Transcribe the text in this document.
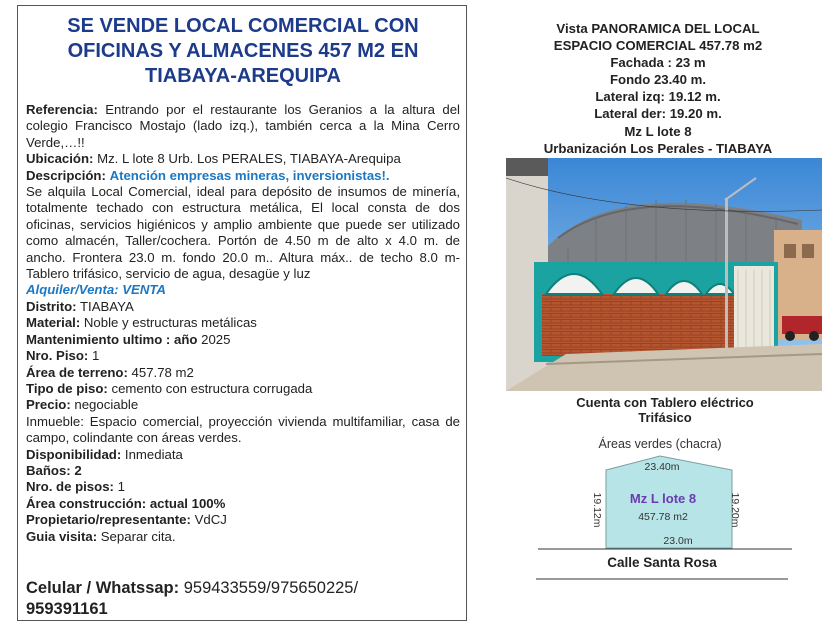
SE VENDE LOCAL COMERCIAL CON
OFICINAS Y ALMACENES 457 M2 EN
TIABAYA-AREQUIPA

Referencia: Entrando por el restaurante los Geranios a la altura del colegio Francisco Mostajo (lado izq.), también cerca a la Mina Cerro Verde,…!!

Ubicación: Mz. L lote 8 Urb. Los PERALES, TIABAYA-Arequipa

Descripción: Atención empresas mineras, inversionistas!.

Se alquila Local Comercial, ideal para depósito de insumos de minería, totalmente techado con estructura metálica, El local consta de dos oficinas, servicios higiénicos y amplio ambiente que puede ser utilizado como almacén, Taller/cochera. Portón de 4.50 m de alto x 4.0 m. de ancho. Frontera 23.0 m. fondo 20.0 m.. Altura máx.. de techo 8.0 m- Tablero trifásico, servicio de agua, desagüe y luz

Alquiler/Venta: VENTA

Distrito: TIABAYA

Material: Noble y estructuras metálicas

Mantenimiento ultimo : año 2025

Nro. Piso: 1

Área de terreno: 457.78 m2

Tipo de piso: cemento con estructura corrugada

Precio: negociable

Inmueble: Espacio comercial, proyección vivienda multifamiliar, casa de campo, colindante con áreas verdes.

Disponibilidad: Inmediata

Baños: 2

Nro. de pisos: 1

Área construcción: actual 100%

Propietario/representante: VdCJ

Guia visita: Separar cita.

Celular / Whatssap: 959433559/975650225/
959391161
Vista PANORAMICA DEL LOCAL
ESPACIO COMERCIAL 457.78 m2
Fachada : 23 m
Fondo 23.40 m.
Lateral izq: 19.12 m.
Lateral der: 19.20 m.
Mz L lote 8
Urbanización Los Perales - TIABAYA
Cuenta con Tablero eléctrico
Trifásico
Áreas verdes (chacra)
23.40m
19.12m	19.20m
Mz L lote 8
457.78 m2
23.0m
Calle Santa Rosa
